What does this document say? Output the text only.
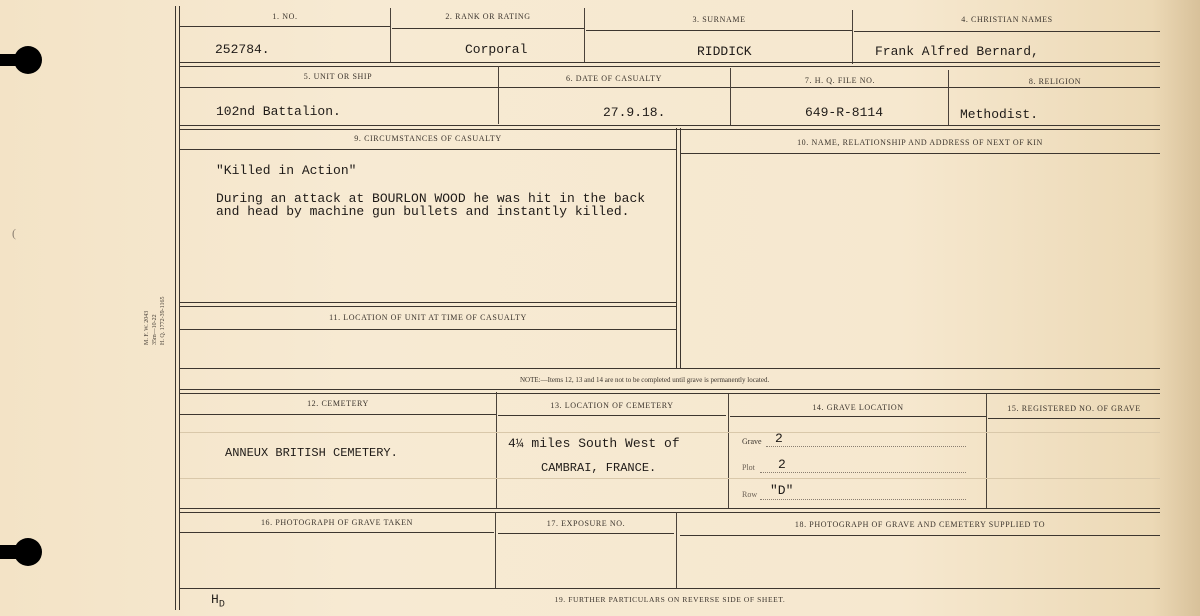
(
M. F. W. 2043 35m—10-22 H. Q. 1772-39-1165
1. NO.	2. RANK OR RATING	3. SURNAME	4. CHRISTIAN NAMES
252784.	Corporal	RIDDICK	Frank Alfred Bernard,
5. UNIT OR SHIP	6. DATE OF CASUALTY	7. H. Q. FILE NO.	8. RELIGION
102nd Battalion.	27.9.18.	649-R-8114	Methodist.
9. CIRCUMSTANCES OF CASUALTY	10. NAME, RELATIONSHIP AND ADDRESS OF NEXT OF KIN
"Killed in Action"
During an attack at BOURLON WOOD he was hit in the back
and head by machine gun bullets and instantly killed.
11. LOCATION OF UNIT AT TIME OF CASUALTY
NOTE:—Items 12, 13 and 14 are not to be completed until grave is permanently located.
12. CEMETERY	13. LOCATION OF CEMETERY	14. GRAVE LOCATION	15. REGISTERED NO. OF GRAVE
ANNEUX BRITISH CEMETERY.
4¼ miles South West of
CAMBRAI, FRANCE.
Grave 2
Plot 2
Row "D"
16. PHOTOGRAPH OF GRAVE TAKEN	17. EXPOSURE NO.	18. PHOTOGRAPH OF GRAVE AND CEMETERY SUPPLIED TO
$H_D$
19. FURTHER PARTICULARS ON REVERSE SIDE OF SHEET.
